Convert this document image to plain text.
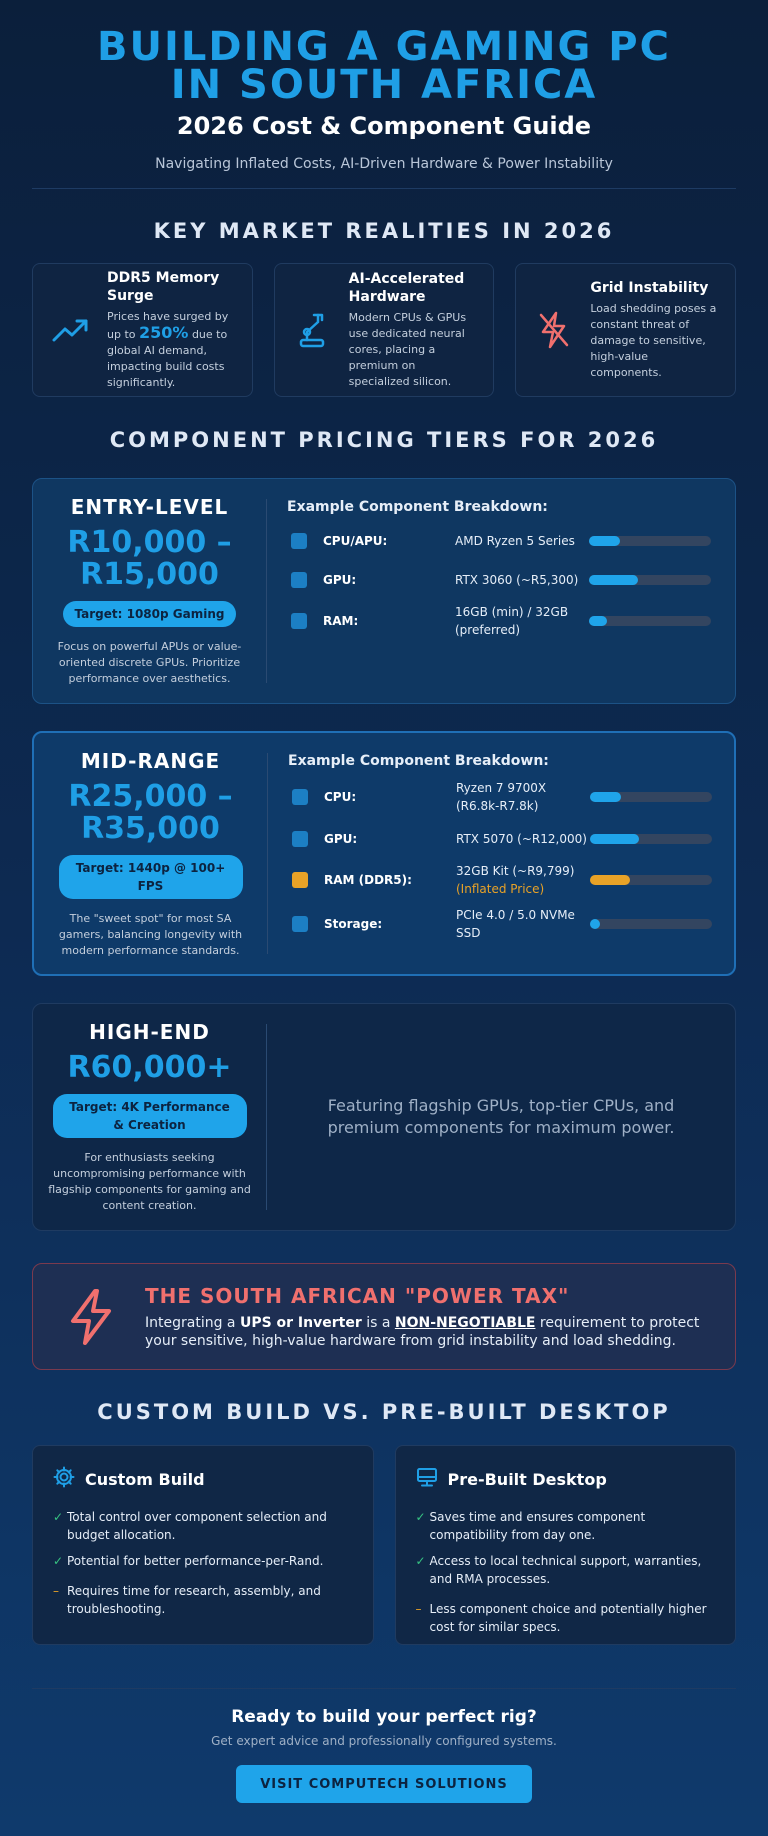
BUILDING A GAMING PC IN SOUTH AFRICA
2026 Cost & Component Guide

Navigating Inflated Costs, AI-Driven Hardware & Power Instability

KEY MARKET REALITIES IN 2026
DDR5 Memory Surge

Prices have surged by up to 250% due to global AI demand, impacting build costs significantly.

AI-Accelerated Hardware

Modern CPUs & GPUs use dedicated neural cores, placing a premium on specialized silicon.

Grid Instability

Load shedding poses a constant threat of damage to sensitive, high-value components.

COMPONENT PRICING TIERS FOR 2026

ENTRY-LEVEL

R10,000 – R15,000

Target: 1080p Gaming

Focus on powerful APUs or value-oriented discrete GPUs. Prioritize performance over aesthetics.

Example Component Breakdown:

CPU/APU:	AMD Ryzen 5 Series
GPU:	RTX 3060 (~R5,300)
RAM:
16GB (min) / 32GB (preferred)

MID-RANGE

R25,000 – R35,000

Target: 1440p @ 100+ FPS

The "sweet spot" for most SA gamers, balancing longevity with modern performance standards.

Example Component Breakdown:

CPU:
Ryzen 7 9700X (R6.8k-R7.8k)
GPU:	RTX 5070 (~R12,000)
RAM (DDR5):
32GB Kit (~R9,799) (Inflated Price)
Storage:
PCIe 4.0 / 5.0 NVMe SSD

HIGH-END

R60,000+

Target: 4K Performance & Creation

For enthusiasts seeking uncompromising performance with flagship components for gaming and content creation.

Featuring flagship GPUs, top-tier CPUs, and premium components for maximum power.

THE SOUTH AFRICAN "POWER TAX"

Integrating a UPS or Inverter is a NON-NEGOTIABLE requirement to protect your sensitive, high-value hardware from grid instability and load shedding.

CUSTOM BUILD VS. PRE-BUILT DESKTOP
Custom Build
✓ Total control over component selection and budget allocation.
✓ Potential for better performance-per-Rand.
– Requires time for research, assembly, and troubleshooting.
Pre-Built Desktop
✓ Saves time and ensures component compatibility from day one.
✓ Access to local technical support, warranties, and RMA processes.
– Less component choice and potentially higher cost for similar specs.
Ready to build your perfect rig?
Get expert advice and professionally configured systems.
VISIT COMPUTECH SOLUTIONS
